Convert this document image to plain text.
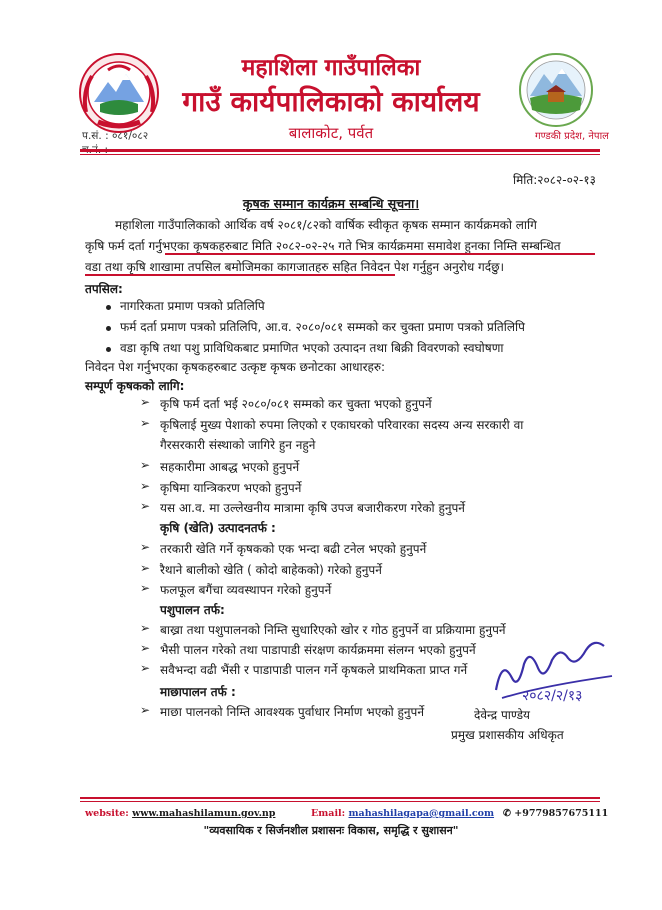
महाशिला गाउँपालिका
गाउँ कार्यपालिकाको कार्यालय
बालाकोट, पर्वत
प.सं. : ०८१/०८२	गण्डकी प्रदेश, नेपाल
मिति:२०८२-०२-१३
कृषक सम्मान कार्यक्रम सम्बन्धि सूचना।
महाशिला गाउँपालिकाको आर्थिक वर्ष २०८१/८२को वार्षिक स्वीकृत कृषक सम्मान कार्यक्रमको लागि
कृषि फर्म दर्ता गर्नुभएका कृषकहरुबाट मिति २०८२-०२-२५ गते भित्र कार्यक्रममा समावेश हुनका निम्ति सम्बन्धित
वडा तथा कृषि शाखामा तपसिल बमोजिमका कागजातहरु सहित निवेदन पेश गर्नुहुन अनुरोध गर्दछु।
तपसिल:
नागरिकता प्रमाण पत्रको प्रतिलिपि
फर्म दर्ता प्रमाण पत्रको प्रतिलिपि, आ.व. २०८०/०८१ सम्मको कर चुक्ता प्रमाण पत्रको प्रतिलिपि
वडा कृषि तथा पशु प्राविधिकबाट प्रमाणित भएको उत्पादन तथा बिक्री विवरणको स्वघोषणा
निवेदन पेश गर्नुभएका कृषकहरुबाट उत्कृष्ट कृषक छनोटका आधारहरु:
सम्पूर्ण कृषकको लागि:
➢ कृषि फर्म दर्ता भई २०८०/०८१ सम्मको कर चुक्ता भएको हुनुपर्ने
➢ कृषिलाई मुख्य पेशाको रुपमा लिएको र एकाघरको परिवारका सदस्य अन्य सरकारी वा
गैरसरकारी संस्थाको जागिरे हुन नहुने
➢ सहकारीमा आबद्ध भएको हुनुपर्ने
➢ कृषिमा यान्त्रिकरण भएको हुनुपर्ने
➢ यस आ.व. मा उल्लेखनीय मात्रामा कृषि उपज बजारीकरण गरेको हुनुपर्ने
कृषि (खेति) उत्पादनतर्फ :
➢ तरकारी खेति गर्ने कृषकको एक भन्दा बढी टनेल भएको हुनुपर्ने
➢ रैथाने बालीको खेति ( कोदो बाहेकको) गरेको हुनुपर्ने
➢ फलफूल बगैंचा व्यवस्थापन गरेको हुनुपर्ने
पशुपालन तर्फ:
➢ बाख्रा तथा पशुपालनको निम्ति सुधारिएको खोर र गोठ हुनुपर्ने वा प्रक्रियामा हुनुपर्ने
➢ भैसी पालन गरेको तथा पाडापाडी संरक्षण कार्यक्रममा संलग्न भएको हुनुपर्ने
➢ सवैभन्दा वढी भैंसी र पाडापाडी पालन गर्ने कृषकले प्राथमिकता प्राप्त गर्ने
माछापालन तर्फ :
➢ माछा पालनको निम्ति आवश्यक पुर्वाधार निर्माण भएको हुनुपर्ने
२०८२/२/१३
देवेन्द्र पाण्डेय
प्रमुख प्रशासकीय अधिकृत
website: www.mahashilamun.gov.np	Email: mahashilagapa@gmail.com ✆ +9779857675111
"व्यवसायिक र सिर्जनशील प्रशासनः विकास, समृद्धि र सुशासन"
